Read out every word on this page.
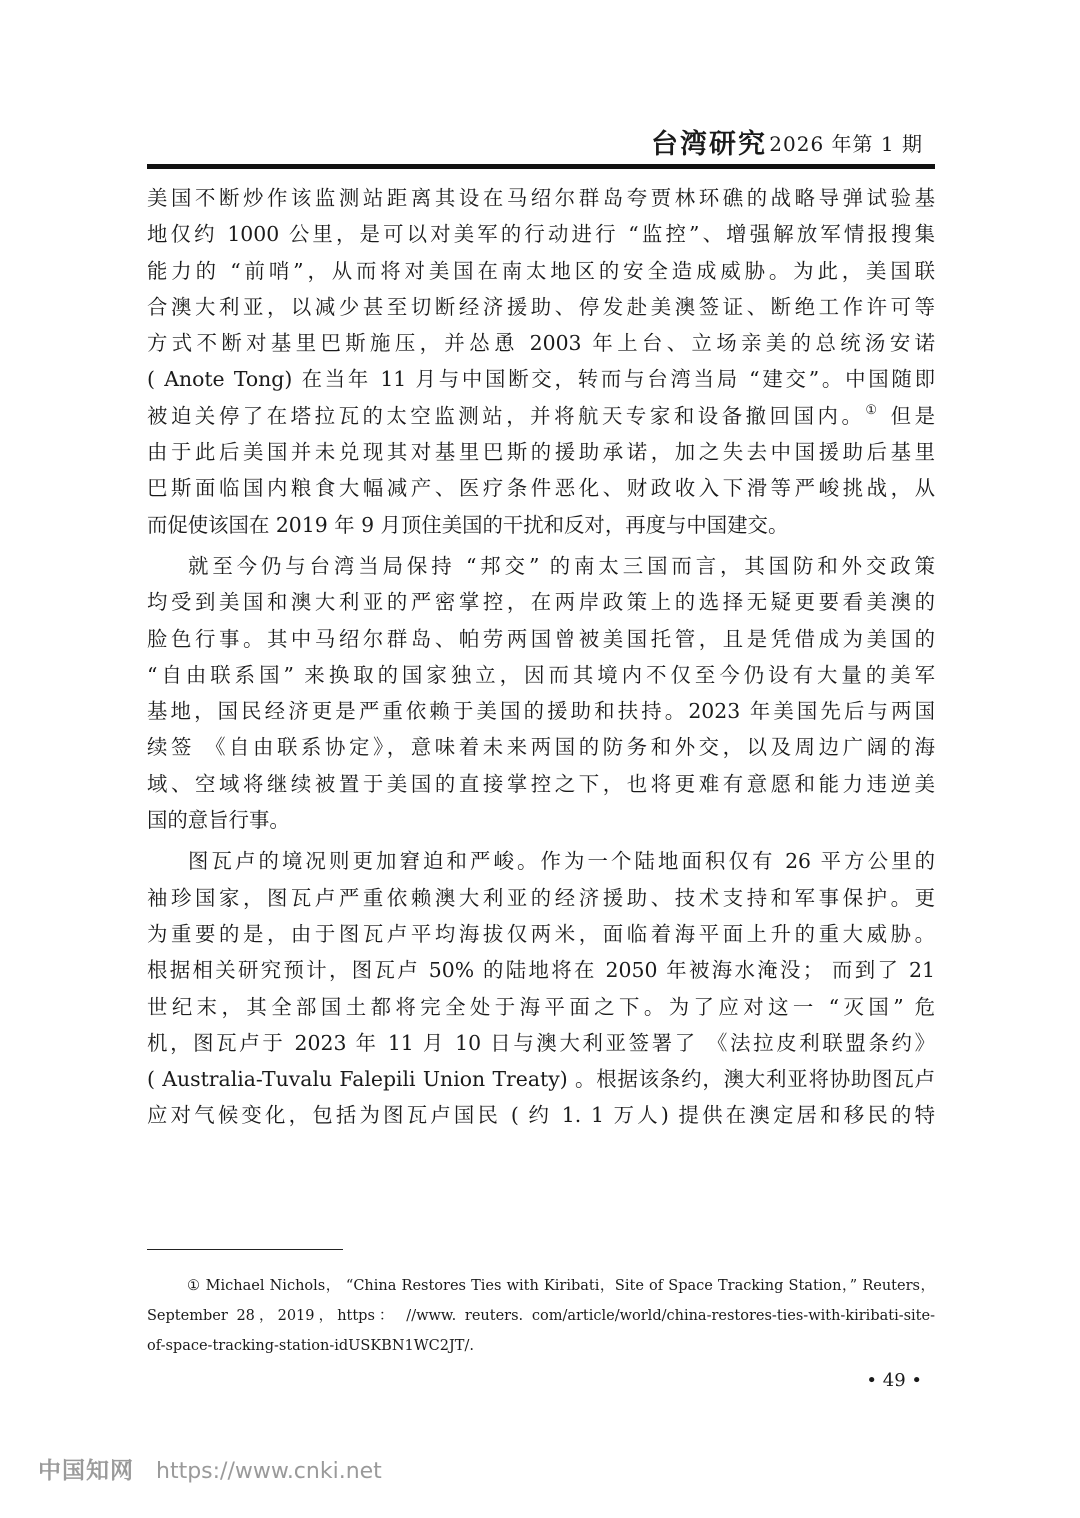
台湾研究 2026 年第 1 期
美国不断炒作该监测站距离其设在马绍尔群岛夸贾林环礁的战略导弹试验基
地仅约 1000 公里，是可以对美军的行动进行 “监控”、增强解放军情报搜集
能力的 “前哨”，从而将对美国在南太地区的安全造成威胁。为此，美国联
合澳大利亚，以减少甚至切断经济援助、停发赴美澳签证、断绝工作许可等
方式不断对基里巴斯施压，并怂恿 2003 年上台、立场亲美的总统汤安诺
( Anote Tong) 在当年 11 月与中国断交，转而与台湾当局 “建交”。中国随即
被迫关停了在塔拉瓦的太空监测站，并将航天专家和设备撤回国内。① 但是
由于此后美国并未兑现其对基里巴斯的援助承诺，加之失去中国援助后基里
巴斯面临国内粮食大幅减产、医疗条件恶化、财政收入下滑等严峻挑战，从
而促使该国在 2019 年 9 月顶住美国的干扰和反对，再度与中国建交。
就至今仍与台湾当局保持 “邦交” 的南太三国而言，其国防和外交政策
均受到美国和澳大利亚的严密掌控，在两岸政策上的选择无疑更要看美澳的
脸色行事。其中马绍尔群岛、帕劳两国曾被美国托管，且是凭借成为美国的
“自由联系国” 来换取的国家独立，因而其境内不仅至今仍设有大量的美军
基地，国民经济更是严重依赖于美国的援助和扶持。2023 年美国先后与两国
续签 《自由联系协定》，意味着未来两国的防务和外交，以及周边广阔的海
域、空域将继续被置于美国的直接掌控之下，也将更难有意愿和能力违逆美
国的意旨行事。
图瓦卢的境况则更加窘迫和严峻。作为一个陆地面积仅有 26 平方公里的
袖珍国家，图瓦卢严重依赖澳大利亚的经济援助、技术支持和军事保护。更
为重要的是，由于图瓦卢平均海拔仅两米，面临着海平面上升的重大威胁。
根据相关研究预计，图瓦卢 50% 的陆地将在 2050 年被海水淹没； 而到了 21
世纪末，其全部国土都将完全处于海平面之下。为了应对这一 “灭国” 危
机，图瓦卢于 2023 年 11 月 10 日与澳大利亚签署了 《法拉皮利联盟条约》
( Australia-Tuvalu Falepili Union Treaty) 。根据该条约，澳大利亚将协助图瓦卢
应对气候变化，包括为图瓦卢国民 ( 约 1. 1 万人) 提供在澳定居和移民的特
① Michael Nichols， “China Restores Ties with Kiribati，Site of Space Tracking Station，” Reuters，
September 28，2019，https： //www. reuters. com/article/world/china-restores-ties-with-kiribati-site-
of-space-tracking-station-idUSKBN1WC2JT/.
• 49 •
中国知网 https://www.cnki.net
